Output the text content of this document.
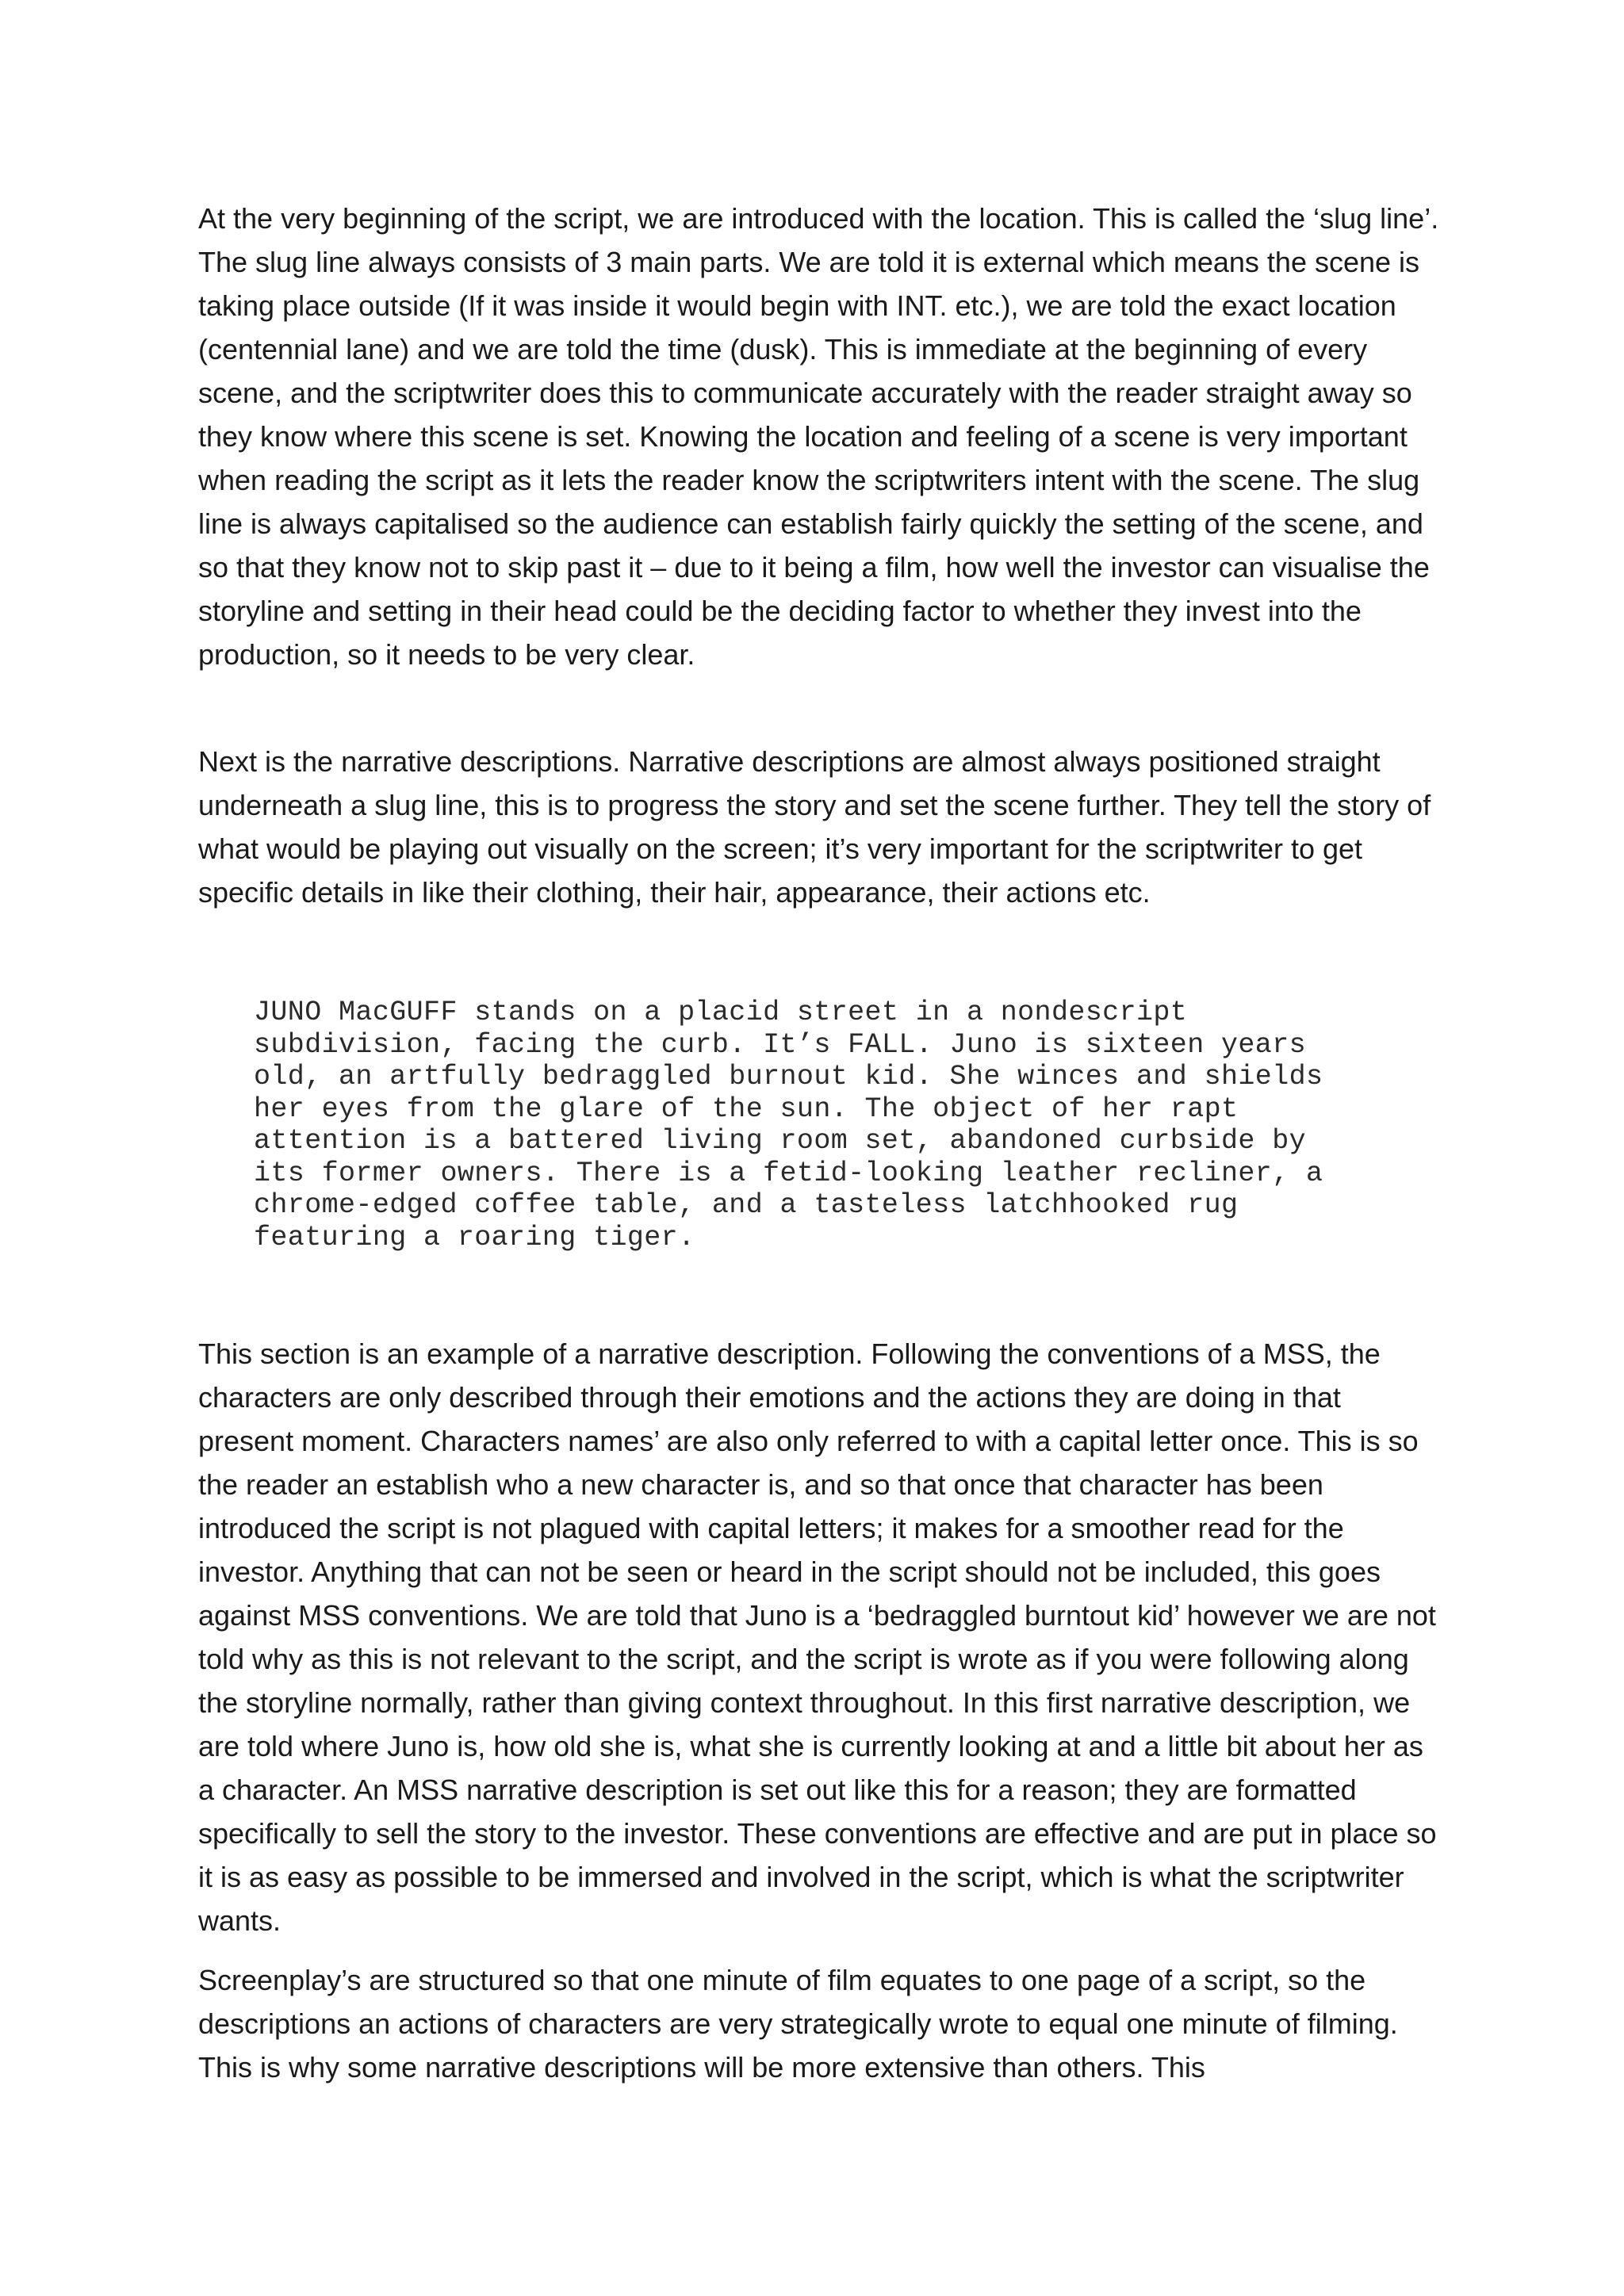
At the very beginning of the script, we are introduced with the location. This is called the ‘slug line’. The slug line always consists of 3 main parts. We are told it is external which means the scene is taking place outside (If it was inside it would begin with INT. etc.), we are told the exact location (centennial lane) and we are told the time (dusk). This is immediate at the beginning of every scene, and the scriptwriter does this to communicate accurately with the reader straight away so they know where this scene is set. Knowing the location and feeling of a scene is very important when reading the script as it lets the reader know the scriptwriters intent with the scene. The slug line is always capitalised so the audience can establish fairly quickly the setting of the scene, and so that they know not to skip past it – due to it being a film, how well the investor can visualise the storyline and setting in their head could be the deciding factor to whether they invest into the production, so it needs to be very clear.

Next is the narrative descriptions. Narrative descriptions are almost always positioned straight underneath a slug line, this is to progress the story and set the scene further. They tell the story of what would be playing out visually on the screen; it’s very important for the scriptwriter to get specific details in like their clothing, their hair, appearance, their actions etc.

JUNO MacGUFF stands on a placid street in a nondescript
subdivision, facing the curb. It’s FALL. Juno is sixteen years
old, an artfully bedraggled burnout kid. She winces and shields
her eyes from the glare of the sun. The object of her rapt
attention is a battered living room set, abandoned curbside by
its former owners. There is a fetid-looking leather recliner, a
chrome-edged coffee table, and a tasteless latchhooked rug
featuring a roaring tiger.

This section is an example of a narrative description. Following the conventions of a MSS, the characters are only described through their emotions and the actions they are doing in that present moment. Characters names’ are also only referred to with a capital letter once. This is so the reader an establish who a new character is, and so that once that character has been introduced the script is not plagued with capital letters; it makes for a smoother read for the investor. Anything that can not be seen or heard in the script should not be included, this goes against MSS conventions. We are told that Juno is a ‘bedraggled burntout kid’ however we are not told why as this is not relevant to the script, and the script is wrote as if you were following along the storyline normally, rather than giving context throughout. In this first narrative description, we are told where Juno is, how old she is, what she is currently looking at and a little bit about her as a character. An MSS narrative description is set out like this for a reason; they are formatted specifically to sell the story to the investor. These conventions are effective and are put in place so it is as easy as possible to be immersed and involved in the script, which is what the scriptwriter wants.

Screenplay’s are structured so that one minute of film equates to one page of a script, so the descriptions an actions of characters are very strategically wrote to equal one minute of filming. This is why some narrative descriptions will be more extensive than others. This
